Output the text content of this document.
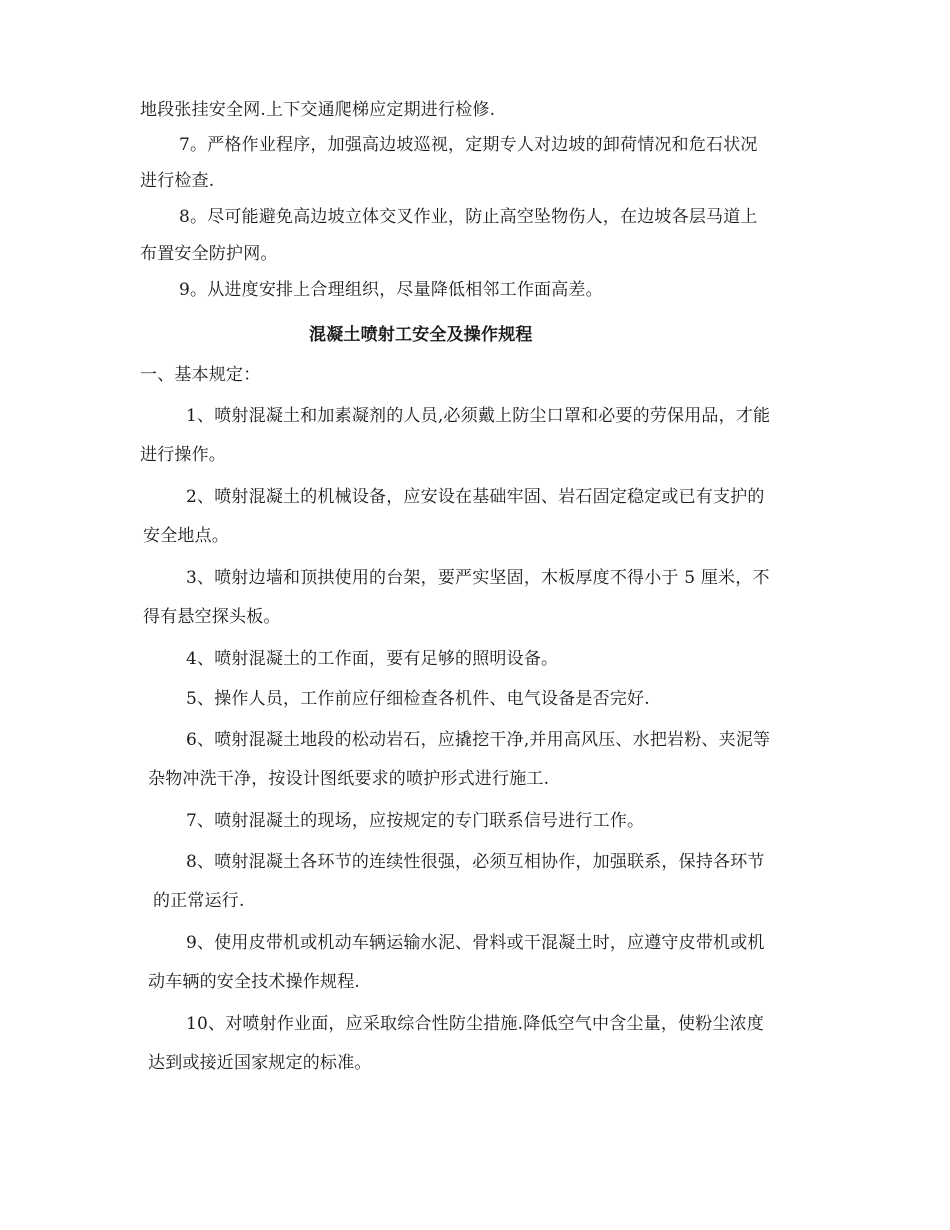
地段张挂安全网.上下交通爬梯应定期进行检修.
7。严格作业程序，加强高边坡巡视，定期专人对边坡的卸荷情况和危石状况
进行检查.
8。尽可能避免高边坡立体交叉作业，防止高空坠物伤人，在边坡各层马道上
布置安全防护网。
9。从进度安排上合理组织，尽量降低相邻工作面高差。
混凝土喷射工安全及操作规程
一、基本规定：
1、喷射混凝土和加素凝剂的人员,必须戴上防尘口罩和必要的劳保用品，才能
进行操作。
2、喷射混凝土的机械设备，应安设在基础牢固、岩石固定稳定或已有支护的
安全地点。
3、喷射边墙和顶拱使用的台架，要严实坚固，木板厚度不得小于 5 厘米，不
得有悬空探头板。
4、喷射混凝土的工作面，要有足够的照明设备。
5、操作人员，工作前应仔细检查各机件、电气设备是否完好.
6、喷射混凝土地段的松动岩石，应撬挖干净,并用高风压、水把岩粉、夹泥等
杂物冲洗干净，按设计图纸要求的喷护形式进行施工.
7、喷射混凝土的现场，应按规定的专门联系信号进行工作。
8、喷射混凝土各环节的连续性很强，必须互相协作，加强联系，保持各环节
的正常运行.
9、使用皮带机或机动车辆运输水泥、骨料或干混凝土时，应遵守皮带机或机
动车辆的安全技术操作规程.
10、对喷射作业面，应采取综合性防尘措施.降低空气中含尘量，使粉尘浓度
达到或接近国家规定的标准。
